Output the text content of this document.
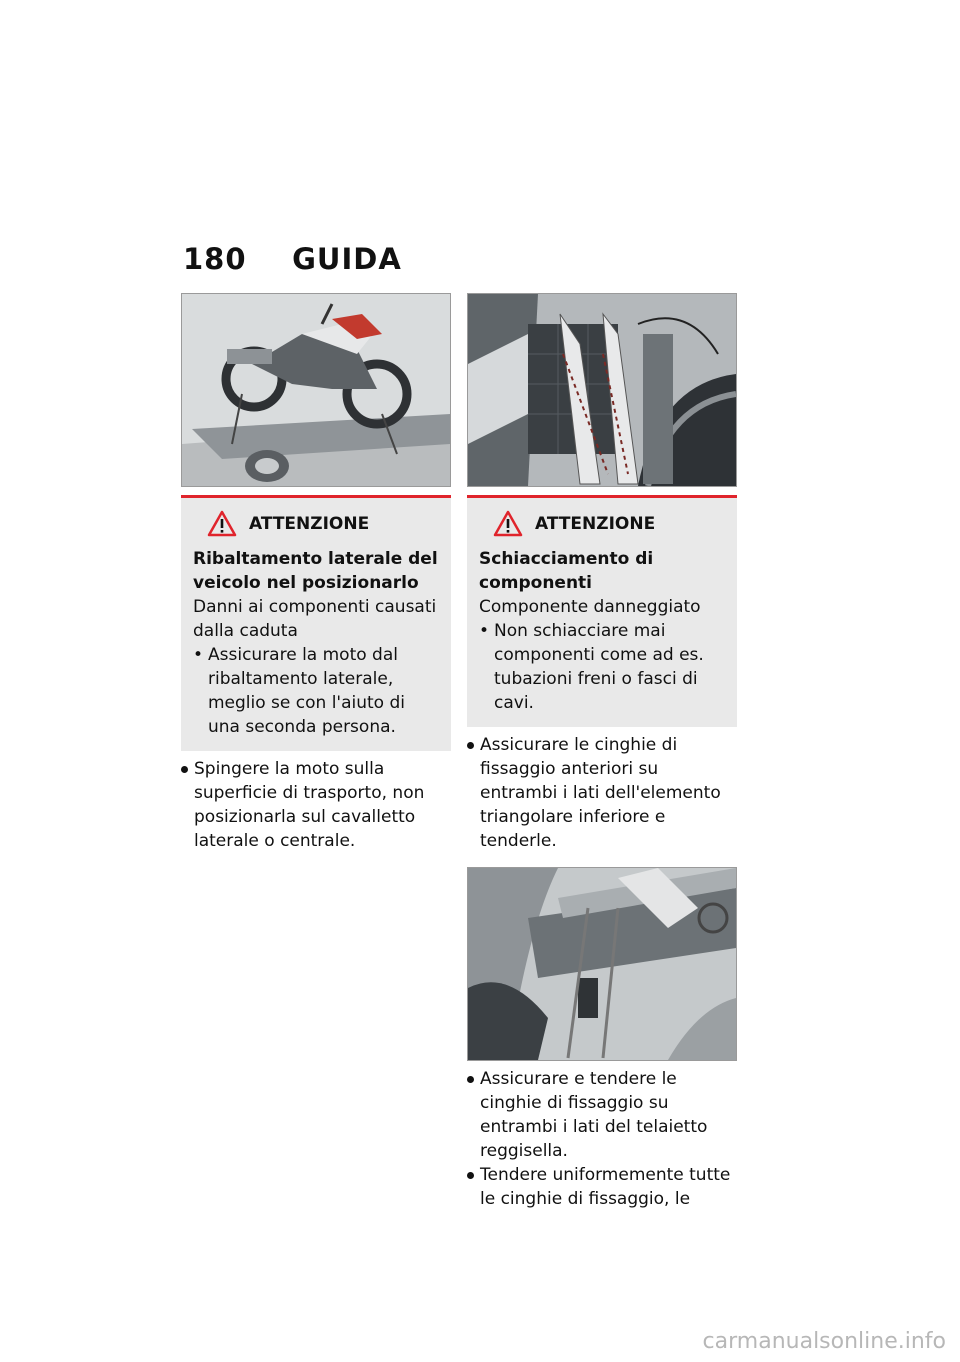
180 GUIDA
ATTENZIONE
Ribaltamento laterale del veicolo nel posizionarlo
Danni ai componenti causati dalla caduta
• Assicurare la moto dal ribaltamento laterale, meglio se con l'aiuto di una seconda persona.
Spingere la moto sulla superficie di trasporto, non posizionarla sul cavalletto laterale o centrale.
ATTENZIONE
Schiacciamento di componenti
Componente danneggiato
• Non schiacciare mai componenti come ad es. tubazioni freni o fasci di cavi.
Assicurare le cinghie di fissaggio anteriori su entrambi i lati dell'elemento triangolare inferiore e tenderle.
Assicurare e tendere le cinghie di fissaggio su entrambi i lati del telaietto reggisella.
Tendere uniformemente tutte le cinghie di fissaggio, le
carmanualsonline.info
